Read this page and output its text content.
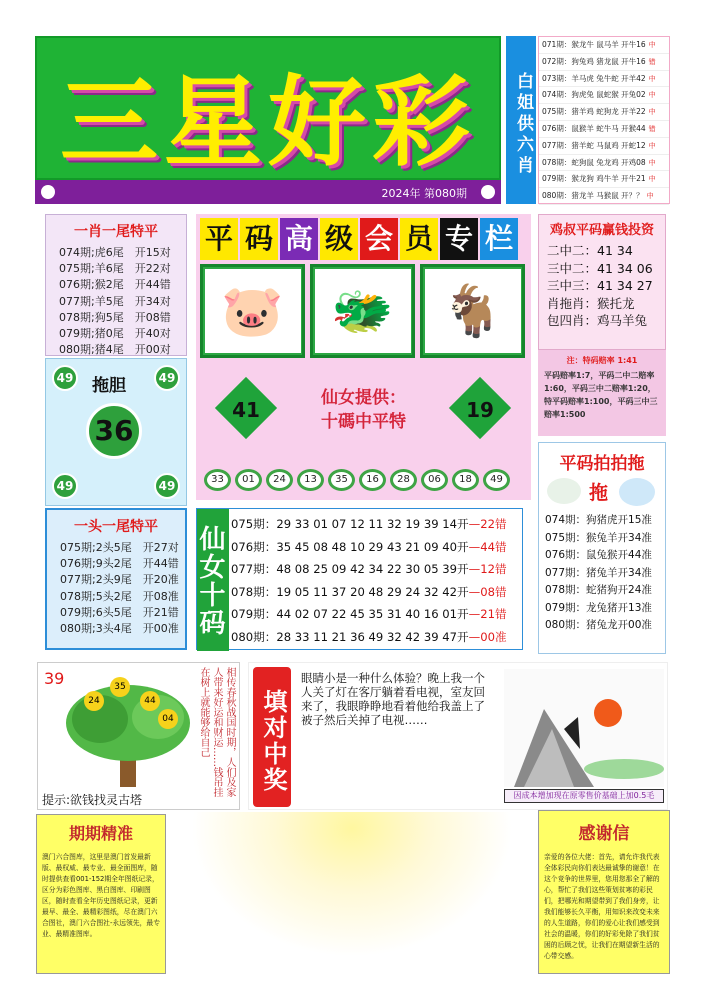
三星好彩
2024年 第080期
白姐供六肖
071期：猴龙牛 鼠马羊 开牛16 中
072期：狗兔鸡 猪龙鼠 开牛16 错
073期：羊马虎 兔牛蛇 开羊42 中
074期：狗虎兔 鼠蛇猴 开兔02 中
075期：猪羊鸡 蛇狗龙 开羊22 中
076期：鼠猴羊 蛇牛马 开猴44 错
077期：猪羊蛇 马鼠鸡 开蛇12 中
078期：蛇狗鼠 兔龙鸡 开鸡08 中
079期：猴龙狗 鸡牛羊 开牛21 中
080期：猪龙羊 马猴鼠 开？？ 中
一肖一尾特平
074期;虎6尾　开15对
075期;羊6尾　开22对
076期;猴2尾　开44错
077期;羊5尾　开34对
078期;狗5尾　开08错
079期;猪0尾　开40对
080期;猪4尾　开00对
49	49
拖胆
36
49	49
一头一尾特平
075期;2头5尾　开27对
076期;9头2尾　开44错
077期;2头9尾　开20准
078期;5头2尾　开08准
079期;6头5尾　开21错
080期;3头4尾　开00准
平 码 高 级 会 员 专 栏
🐷 🐲 🐐
41	仙女提供：
十碼中平特	19
33	01	24	13	35	16	28	06	18	49
仙女十码
075期：29 33 01 07 12 11 32 19 39 14开—22错
076期：35 45 08 48 10 29 43 21 09 40开—44错
077期：48 08 25 09 42 34 22 30 05 39开—12错
078期：19 05 11 37 20 48 29 24 32 42开—08错
079期：44 02 07 22 45 35 31 40 16 01开—21错
080期：28 33 11 21 36 49 32 42 39 47开—00准
鸡叔平码赢钱投资
二中二：41 34
三中二：41 34 06
三中三：41 34 27
肖拖肖：猴托龙
包四肖：鸡马羊兔
注：特码赔率 1:41
平码赔率1:7，平码二中二赔率1:60，平码三中二赔率1:20，特平码赔率1:100，平码三中三赔率1:500
平码拍拍拖
拖
074期：狗猪虎开15准
075期：猴兔羊开34准
076期：鼠兔猴开44准
077期：猪兔羊开34准
078期：蛇猪狗开24准
079期：龙兔猪开13准
080期：猪兔龙开00准
39
24
35
44
04
提示:欲钱找灵古塔
相传春秋战国时期，人们及家人带来好运和财运……钱吊挂在树上就能够给自己	填对中奖
眼睛小是一种什么体验？晚上我一个人关了灯在客厅躺着看电视，室友回来了，我眼睁睁地看着他给我盖上了被子然后关掉了电视……
因成本增加现在原零售价基础上加0.5毛
期期精准
澳门六合图库，这里是澳门首发最新版、最权威、最专业、最全面图库，随时提供查看001-152期全年图纸记录，区分为彩色图库、黑白图库、印刷图区，随时查看全年历史图纸记录，更新最早、最全、最精彩图纸，尽在澳门六合图社，澳门六合图社-永远领先，最专业、最精准图库。
感谢信
亲爱的各位大佬：首先，请允许我代表全体彩民向你们表达最诚挚的谢意！在这个竞争的世界里，您用您那全了解的心，帮忙了我们这些策划贫寒的彩民们，把哪光和期望带到了我们身旁，让我们能够长久平衡，用知识来改变未来的人生道路，你们的爱心让我们感受到社会的温暖，你们的好彩免除了我们贫困的后顾之忧，让我们在期望新生活的心带交感。
